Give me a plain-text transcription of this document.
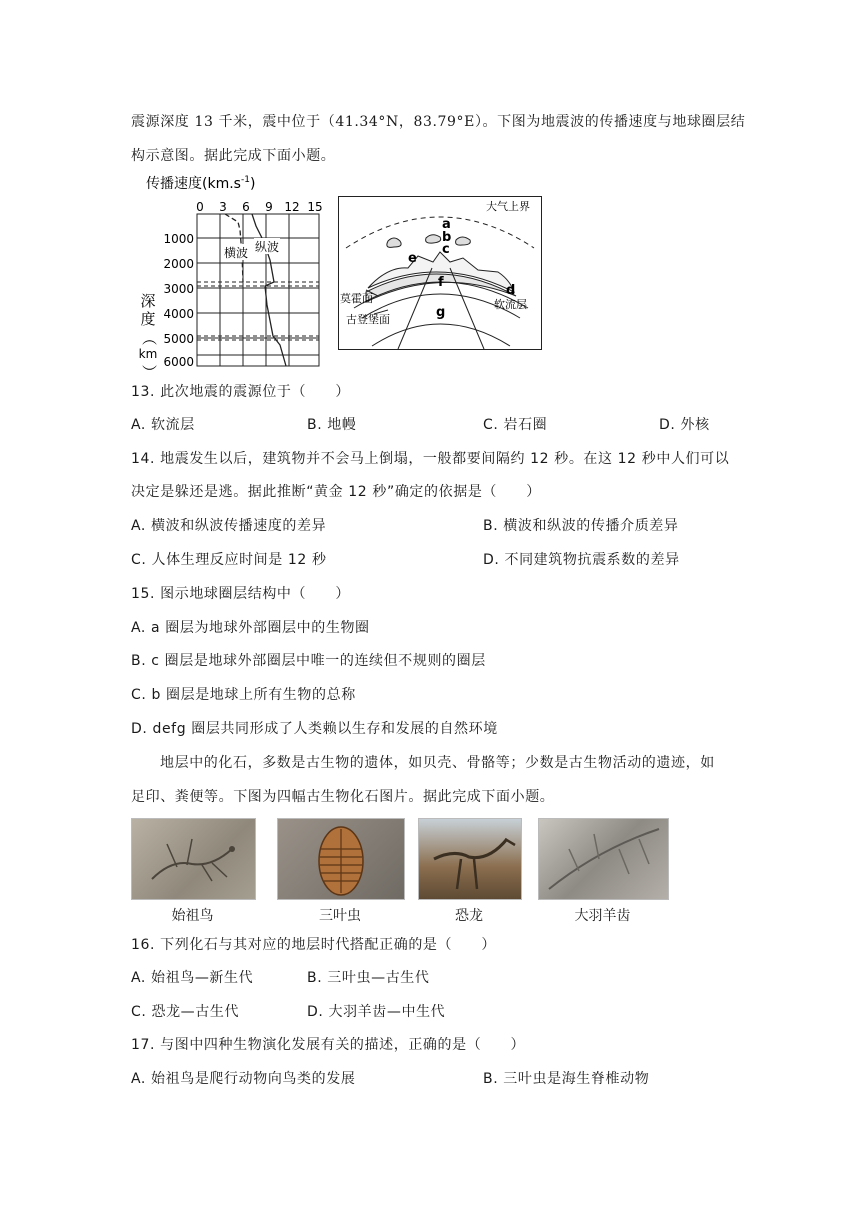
震源深度 13 千米，震中位于（41.34°N，83.79°E）。下图为地震波的传播速度与地球圈层结
构示意图。据此完成下面小题。
传播速度$(km.s^{-1})$
0 3 6 9 12 15
横波 纵波
1000
2000
3000
4000
5000
6000
深
度
（
km
）
大气上界
a
b
c
d
e
f
g
莫霍面
古登堡面
软流层
13. 此次地震的震源位于（　　）
A. 软流层	B. 地幔	C. 岩石圈	D. 外核
14. 地震发生以后，建筑物并不会马上倒塌，一般都要间隔约 12 秒。在这 12 秒中人们可以
决定是躲还是逃。据此推断“黄金 12 秒”确定的依据是（　　）
A. 横波和纵波传播速度的差异	B. 横波和纵波的传播介质差异
C. 人体生理反应时间是 12 秒	D. 不同建筑物抗震系数的差异
15. 图示地球圈层结构中（　　）
A. a 圈层为地球外部圈层中的生物圈
B. c 圈层是地球外部圈层中唯一的连续但不规则的圈层
C. b 圈层是地球上所有生物的总称
D. defg 圈层共同形成了人类赖以生存和发展的自然环境
地层中的化石，多数是古生物的遗体，如贝壳、骨骼等；少数是古生物活动的遗迹，如
足印、粪便等。下图为四幅古生物化石图片。据此完成下面小题。
始祖鸟	三叶虫	恐龙	大羽羊齿
16. 下列化石与其对应的地层时代搭配正确的是（　　）
A. 始祖鸟—新生代	B. 三叶虫—古生代
C. 恐龙—古生代	D. 大羽羊齿—中生代
17. 与图中四种生物演化发展有关的描述，正确的是（　　）
A. 始祖鸟是爬行动物向鸟类的发展	B. 三叶虫是海生脊椎动物
